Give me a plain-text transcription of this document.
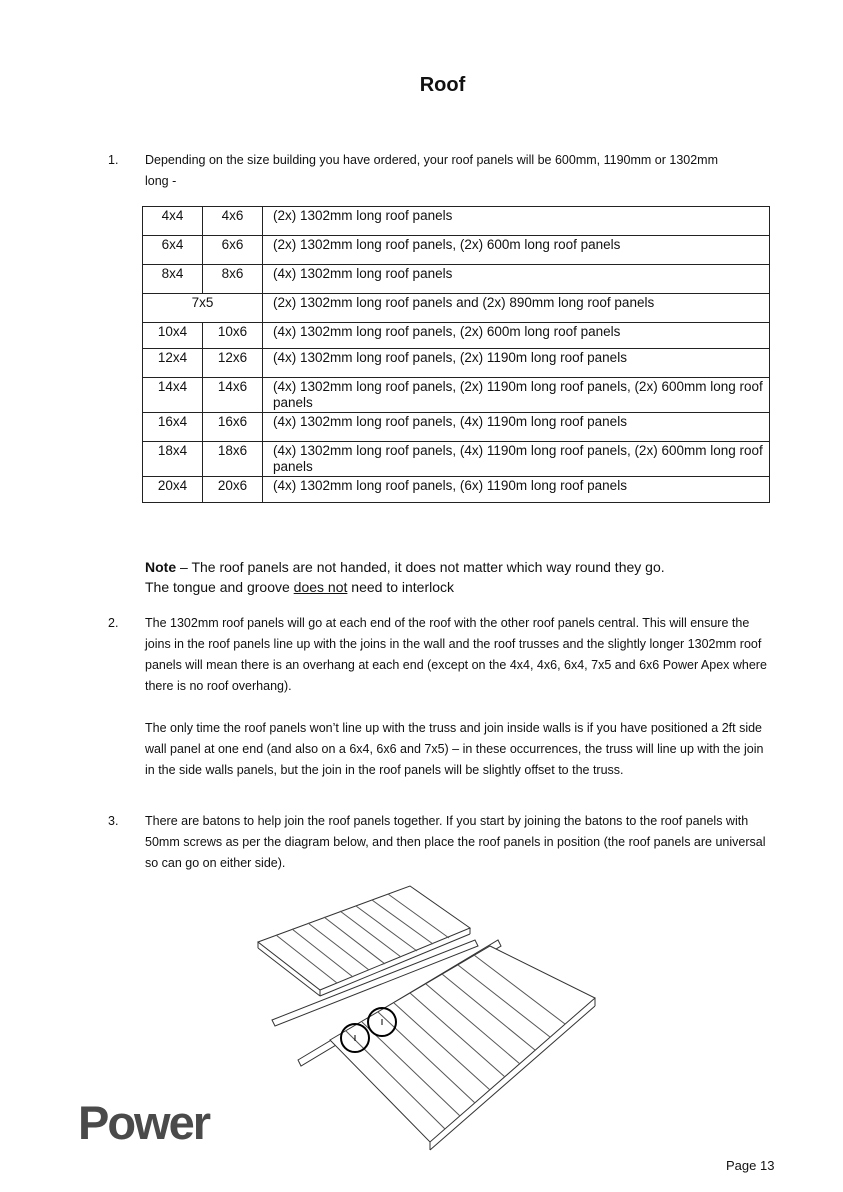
Roof
1. Depending on the size building you have ordered, your roof panels will be 600mm, 1190mm or 1302mm long -

4x4	4x6	(2x) 1302mm long roof panels
6x4	6x6	(2x) 1302mm long roof panels, (2x) 600m long roof panels
8x4	8x6	(4x) 1302mm long roof panels
7x5		(2x) 1302mm long roof panels and (2x) 890mm long roof panels
10x4	10x6	(4x) 1302mm long roof panels, (2x) 600m long roof panels
12x4	12x6	(4x) 1302mm long roof panels, (2x) 1190m long roof panels
14x4	14x6	(4x) 1302mm long roof panels, (2x) 1190m long roof panels, (2x) 600mm long roof panels
16x4	16x6	(4x) 1302mm long roof panels, (4x) 1190m long roof panels
18x4	18x6	(4x) 1302mm long roof panels, (4x) 1190m long roof panels, (2x) 600mm long roof panels
20x4	20x6	(4x) 1302mm long roof panels, (6x) 1190m long roof panels
Note – The roof panels are not handed, it does not matter which way round they go.
The tongue and groove does not need to interlock
2. The 1302mm roof panels will go at each end of the roof with the other roof panels central. This will ensure the joins in the roof panels line up with the joins in the wall and the roof trusses and the slightly longer 1302mm roof panels will mean there is an overhang at each end (except on the 4x4, 4x6, 6x4, 7x5 and 6x6 Power Apex where there is no roof overhang).

The only time the roof panels won’t line up with the truss and join inside walls is if you have positioned a 2ft side wall panel at one end (and also on a 6x4, 6x6 and 7x5) – in these occurrences, the truss will line up with the join in the side walls panels, but the join in the roof panels will be slightly offset to the truss.

3. There are batons to help join the roof panels together. If you start by joining the batons to the roof panels with 50mm screws as per the diagram below, and then place the roof panels in position (the roof panels are universal so can go on either side).

Power
Page 13
